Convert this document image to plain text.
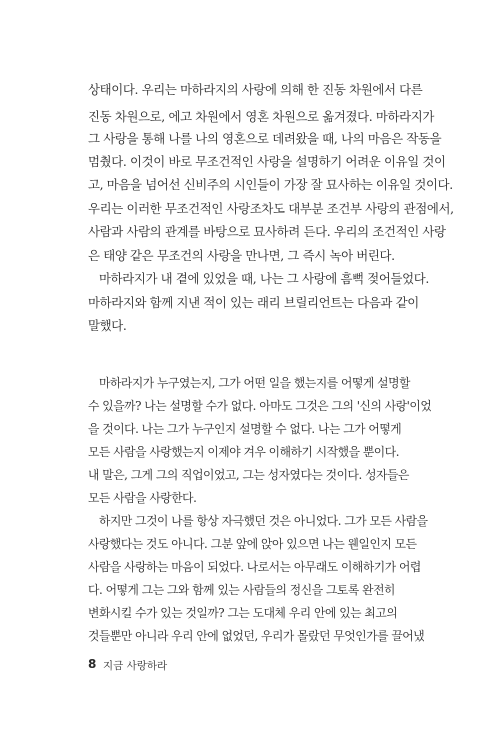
상태이다. 우리는 마하라지의 사랑에 의해 한 진동 차원에서 다른
진동 차원으로, 에고 차원에서 영혼 차원으로 옮겨졌다. 마하라지가
그 사랑을 통해 나를 나의 영혼으로 데려왔을 때, 나의 마음은 작동을
멈췄다. 이것이 바로 무조건적인 사랑을 설명하기 어려운 이유일 것이
고, 마음을 넘어선 신비주의 시인들이 가장 잘 묘사하는 이유일 것이다.
우리는 이러한 무조건적인 사랑조차도 대부분 조건부 사랑의 관점에서,
사람과 사람의 관계를 바탕으로 묘사하려 든다. 우리의 조건적인 사랑
은 태양 같은 무조건의 사랑을 만나면, 그 즉시 녹아 버린다.
마하라지가 내 곁에 있었을 때, 나는 그 사랑에 흠뻑 젖어들었다.
마하라지와 함께 지낸 적이 있는 래리 브릴리언트는 다음과 같이
말했다.
마하라지가 누구였는지, 그가 어떤 일을 했는지를 어떻게 설명할
수 있을까? 나는 설명할 수가 없다. 아마도 그것은 그의 '신의 사랑'이었
을 것이다. 나는 그가 누구인지 설명할 수 없다. 나는 그가 어떻게
모든 사람을 사랑했는지 이제야 겨우 이해하기 시작했을 뿐이다.
내 말은, 그게 그의 직업이었고, 그는 성자였다는 것이다. 성자들은
모든 사람을 사랑한다.
하지만 그것이 나를 항상 자극했던 것은 아니었다. 그가 모든 사람을
사랑했다는 것도 아니다. 그분 앞에 앉아 있으면 나는 웬일인지 모든
사람을 사랑하는 마음이 되었다. 나로서는 아무래도 이해하기가 어렵
다. 어떻게 그는 그와 함께 있는 사람들의 정신을 그토록 완전히
변화시킬 수가 있는 것일까? 그는 도대체 우리 안에 있는 최고의
것들뿐만 아니라 우리 안에 없었던, 우리가 몰랐던 무엇인가를 끌어냈
8 지금 사랑하라
